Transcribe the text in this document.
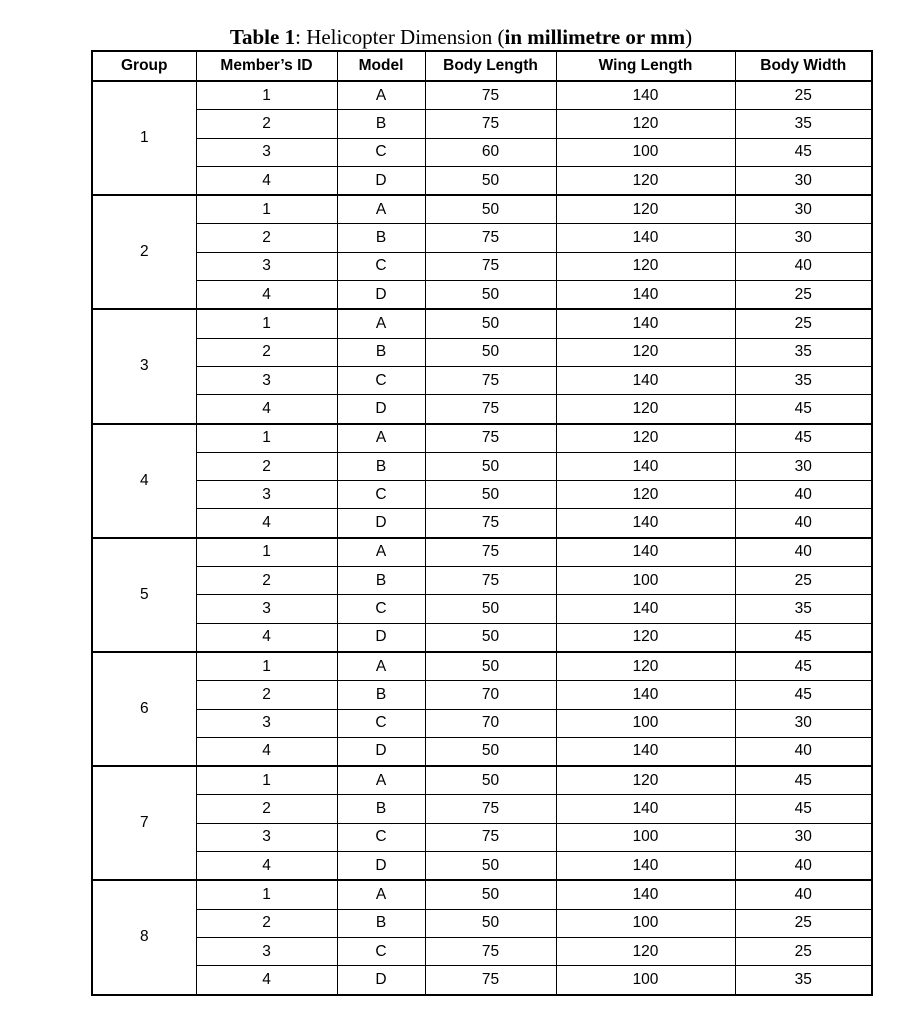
Table 1: Helicopter Dimension (in millimetre or mm)
Group	Member’s ID	Model	Body Length	Wing Length	Body Width
1	1	A	75	140	25
	2	B	75	120	35
	3	C	60	100	45
	4	D	50	120	30
2	1	A	50	120	30
	2	B	75	140	30
	3	C	75	120	40
	4	D	50	140	25
3	1	A	50	140	25
	2	B	50	120	35
	3	C	75	140	35
	4	D	75	120	45
4	1	A	75	120	45
	2	B	50	140	30
	3	C	50	120	40
	4	D	75	140	40
5	1	A	75	140	40
	2	B	75	100	25
	3	C	50	140	35
	4	D	50	120	45
6	1	A	50	120	45
	2	B	70	140	45
	3	C	70	100	30
	4	D	50	140	40
7	1	A	50	120	45
	2	B	75	140	45
	3	C	75	100	30
	4	D	50	140	40
8	1	A	50	140	40
	2	B	50	100	25
	3	C	75	120	25
	4	D	75	100	35
